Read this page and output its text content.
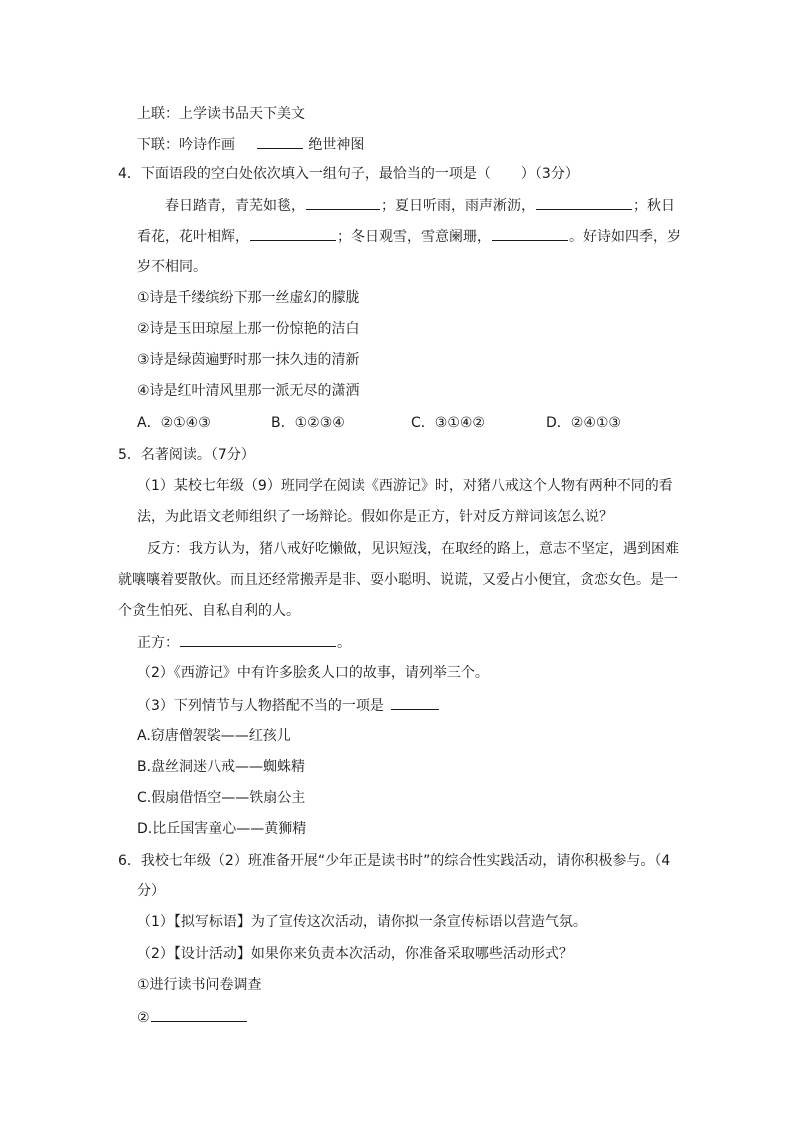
上联：上学读书品天下美文
下联：吟诗作画	绝世神图
4．下面语段的空白处依次填入一组句子，最恰当的一项是（ ）（3分）
春日踏青，青芜如毯，	；夏日听雨，雨声淅沥，	；秋日
看花，花叶相辉，	；冬日观雪，雪意阑珊，	。好诗如四季，岁
岁不相同。
①诗是千缕缤纷下那一丝虚幻的朦胧
②诗是玉田琼屋上那一份惊艳的洁白
③诗是绿茵遍野时那一抹久违的清新
④诗是红叶清风里那一派无尽的潇洒
A．②①④③	B．①②③④	C．③①④②	D．②④①③
5．名著阅读。（7分）
（1）某校七年级（9）班同学在阅读《西游记》时，对猪八戒这个人物有两种不同的看
法，为此语文老师组织了一场辩论。假如你是正方，针对反方辩词该怎么说？
反方：我方认为，猪八戒好吃懒做，见识短浅，在取经的路上，意志不坚定，遇到困难
就嚷嚷着要散伙。而且还经常搬弄是非、耍小聪明、说谎，又爱占小便宜，贪恋女色。是一
个贪生怕死、自私自利的人。
正方：	。
（2）《西游记》中有许多脍炙人口的故事，请列举三个。
（3）下列情节与人物搭配不当的一项是
A.窃唐僧袈裟——红孩儿
B.盘丝洞迷八戒——蜘蛛精
C.假扇借悟空——铁扇公主
D.比丘国害童心——黄狮精
6．我校七年级（2）班准备开展“少年正是读书时”的综合性实践活动，请你积极参与。（4
分）
（1）【拟写标语】为了宣传这次活动，请你拟一条宣传标语以营造气氛。
（2）【设计活动】如果你来负责本次活动，你准备采取哪些活动形式？
①进行读书问卷调查
②
